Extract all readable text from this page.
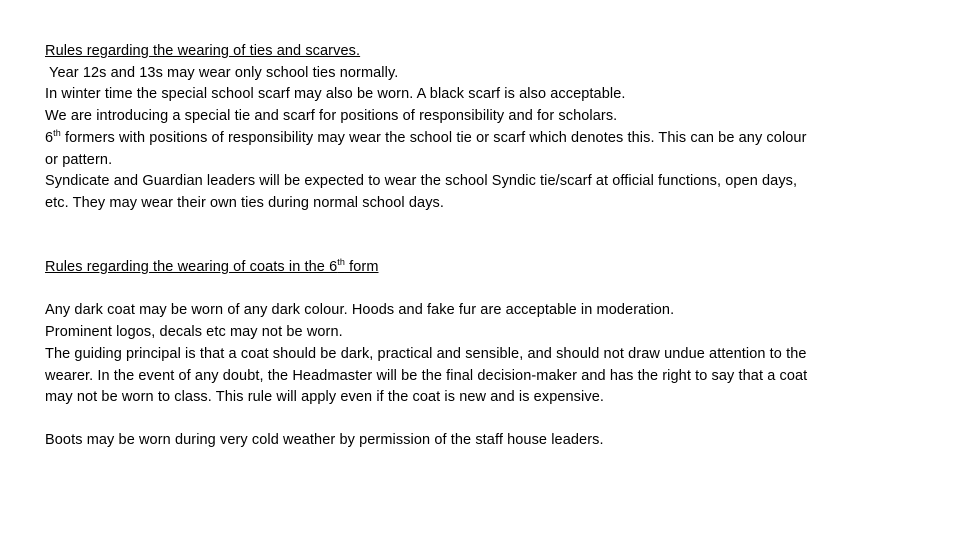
Rules regarding the wearing of ties and scarves.
Year 12s and 13s may wear only school ties normally.
In winter time the special school scarf may also be worn. A black scarf is also acceptable.
We are introducing a special tie and scarf for positions of responsibility and for scholars.
6th formers with positions of responsibility may wear the school tie or scarf which denotes this. This can be any colour
or pattern.
Syndicate and Guardian leaders will be expected to wear the school Syndic tie/scarf at official functions, open days,
etc. They may wear their own ties during normal school days.
Rules regarding the wearing of coats in the 6th form
Any dark coat may be worn of any dark colour. Hoods and fake fur are acceptable in moderation.
Prominent logos, decals etc may not be worn.
The guiding principal is that a coat should be dark, practical and sensible, and should not draw undue attention to the
wearer. In the event of any doubt, the Headmaster will be the final decision-maker and has the right to say that a coat
may not be worn to class. This rule will apply even if the coat is new and is expensive.
Boots may be worn during very cold weather by permission of the staff house leaders.
